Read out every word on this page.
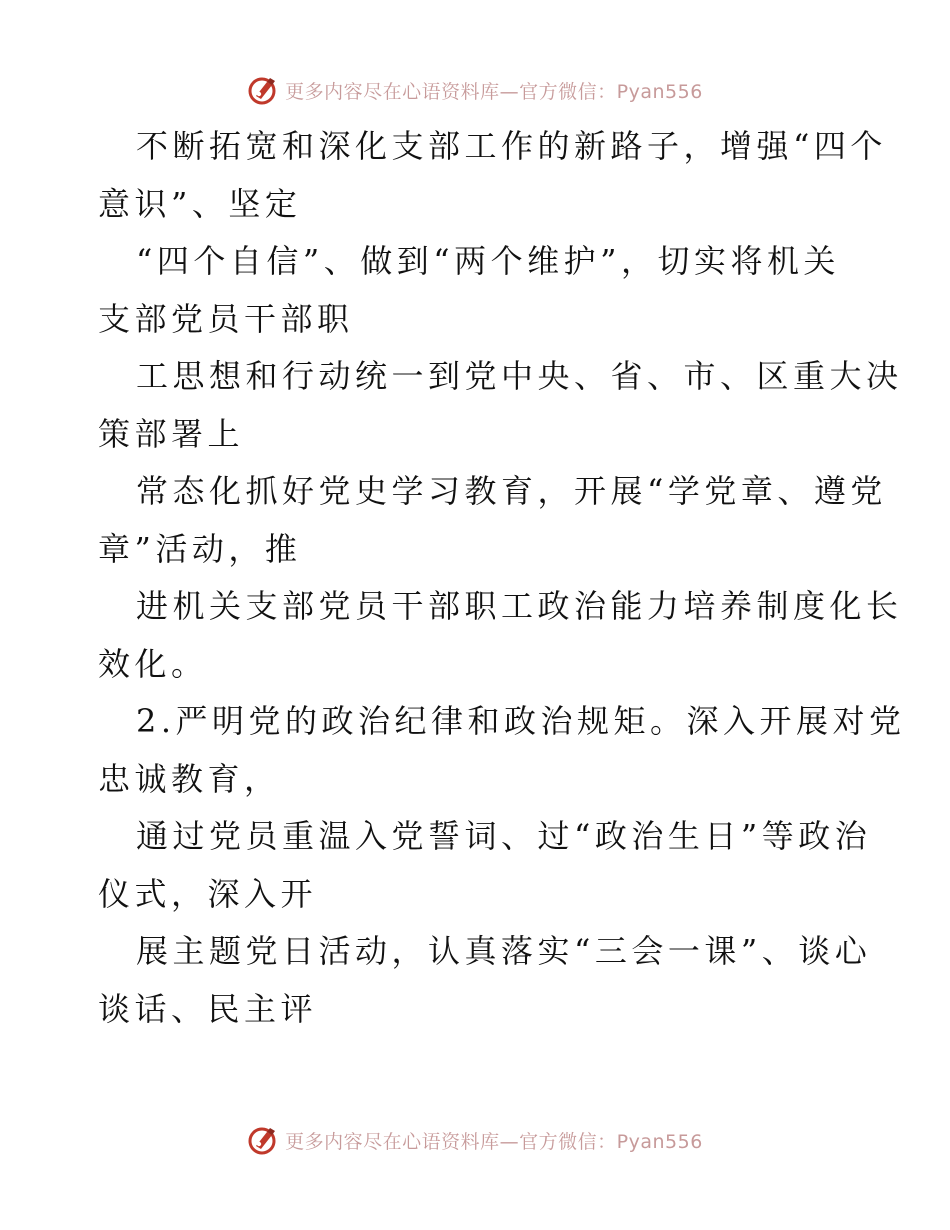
更多内容尽在心语资料库—官方微信：Pyan556

不断拓宽和深化支部工作的新路子，增强“四个
意识”、坚定

“四个自信”、做到“两个维护”，切实将机关
支部党员干部职

工思想和行动统一到党中央、省、市、区重大决
策部署上

常态化抓好党史学习教育，开展“学党章、遵党
章”活动，推

进机关支部党员干部职工政治能力培养制度化长
效化。

2.严明党的政治纪律和政治规矩。深入开展对党
忠诚教育，

通过党员重温入党誓词、过“政治生日”等政治
仪式，深入开

展主题党日活动，认真落实“三会一课”、谈心
谈话、民主评

更多内容尽在心语资料库—官方微信：Pyan556
